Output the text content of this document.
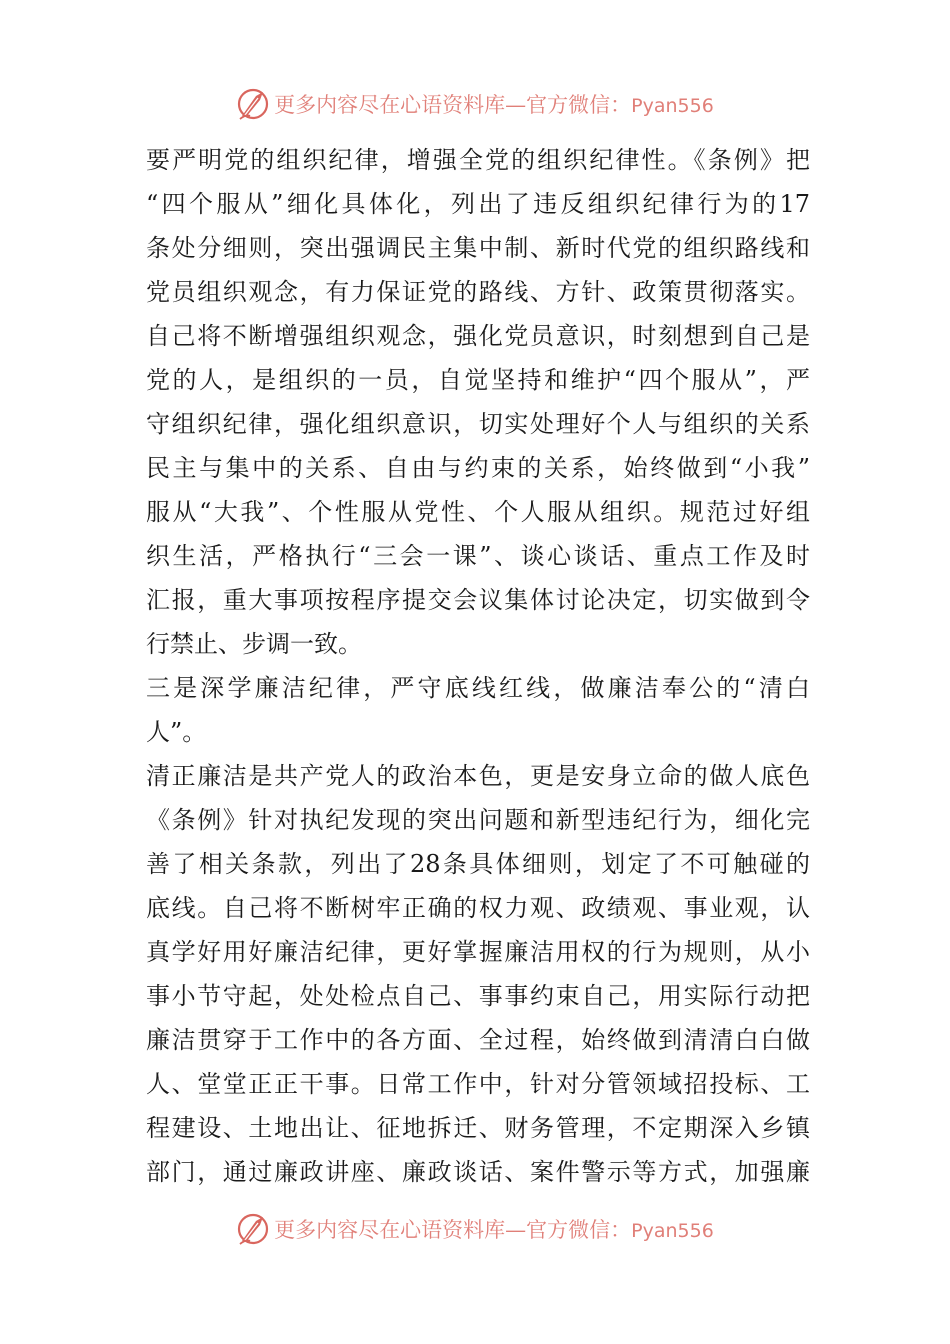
更多内容尽在心语资料库—官方微信：Pyan556
要严明党的组织纪律，增强全党的组织纪律性。《条例》把
“四个服从”细化具体化，列出了违反组织纪律行为的17
条处分细则，突出强调民主集中制、新时代党的组织路线和
党员组织观念，有力保证党的路线、方针、政策贯彻落实。
自己将不断增强组织观念，强化党员意识，时刻想到自己是
党的人，是组织的一员，自觉坚持和维护“四个服从”，严
守组织纪律，强化组织意识，切实处理好个人与组织的关系
民主与集中的关系、自由与约束的关系，始终做到“小我”
服从“大我”、个性服从党性、个人服从组织。规范过好组
织生活，严格执行“三会一课”、谈心谈话、重点工作及时
汇报，重大事项按程序提交会议集体讨论决定，切实做到令
行禁止、步调一致。
三是深学廉洁纪律，严守底线红线，做廉洁奉公的“清白
人”。
清正廉洁是共产党人的政治本色，更是安身立命的做人底色
《条例》针对执纪发现的突出问题和新型违纪行为，细化完
善了相关条款，列出了28条具体细则，划定了不可触碰的
底线。自己将不断树牢正确的权力观、政绩观、事业观，认
真学好用好廉洁纪律，更好掌握廉洁用权的行为规则，从小
事小节守起，处处检点自己、事事约束自己，用实际行动把
廉洁贯穿于工作中的各方面、全过程，始终做到清清白白做
人、堂堂正正干事。日常工作中，针对分管领域招投标、工
程建设、土地出让、征地拆迁、财务管理，不定期深入乡镇
部门，通过廉政讲座、廉政谈话、案件警示等方式，加强廉
更多内容尽在心语资料库—官方微信：Pyan556
